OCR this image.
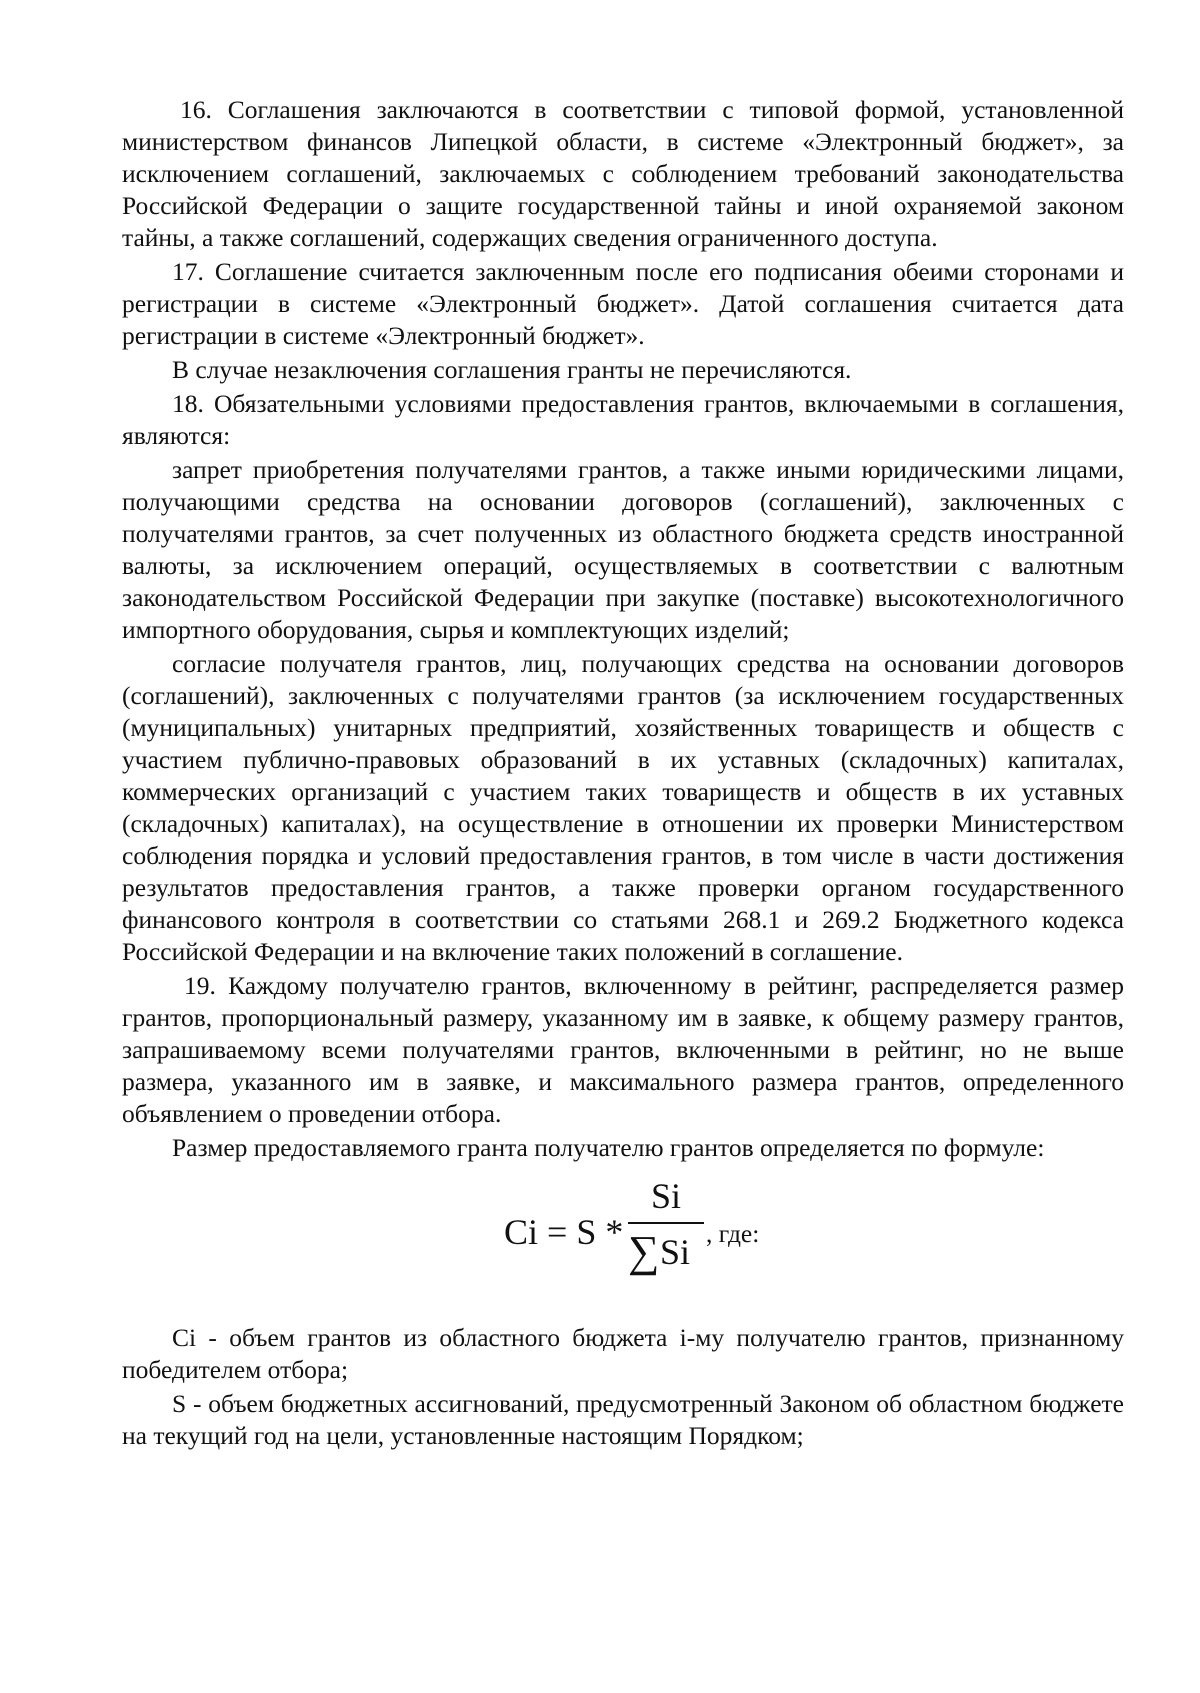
16. Соглашения заключаются в соответствии с типовой формой, установленной министерством финансов Липецкой области, в системе «Электронный бюджет», за исключением соглашений, заключаемых с соблюдением требований законодательства Российской Федерации о защите государственной тайны и иной охраняемой законом тайны, а также соглашений, содержащих сведения ограниченного доступа.

17. Соглашение считается заключенным после его подписания обеими сторонами и регистрации в системе «Электронный бюджет». Датой соглашения считается дата регистрации в системе «Электронный бюджет».

В случае незаключения соглашения гранты не перечисляются.

18. Обязательными условиями предоставления грантов, включаемыми в соглашения, являются:

запрет приобретения получателями грантов, а также иными юридическими лицами, получающими средства на основании договоров (соглашений), заключенных с получателями грантов, за счет полученных из областного бюджета средств иностранной валюты, за исключением операций, осуществляемых в соответствии с валютным законодательством Российской Федерации при закупке (поставке) высокотехнологичного импортного оборудования, сырья и комплектующих изделий;

согласие получателя грантов, лиц, получающих средства на основании договоров (соглашений), заключенных с получателями грантов (за исключением государственных (муниципальных) унитарных предприятий, хозяйственных товариществ и обществ с участием публично-правовых образований в их уставных (складочных) капиталах, коммерческих организаций с участием таких товариществ и обществ в их уставных (складочных) капиталах), на осуществление в отношении их проверки Министерством соблюдения порядка и условий предоставления грантов, в том числе в части достижения результатов предоставления грантов, а также проверки органом государственного финансового контроля в соответствии со статьями 268.1 и 269.2 Бюджетного кодекса Российской Федерации и на включение таких положений в соглашение.

19. Каждому получателю грантов, включенному в рейтинг, распределяется размер грантов, пропорциональный размеру, указанному им в заявке, к общему размеру грантов, запрашиваемому всеми получателями грантов, включенными в рейтинг, но не выше размера, указанного им в заявке, и максимального размера грантов, определенного объявлением о проведении отбора.

Размер предоставляемого гранта получателю грантов определяется по формуле:

Ci = S *
Si
∑ Si , где:

Ci - объем грантов из областного бюджета i-му получателю грантов, признанному победителем отбора;

S - объем бюджетных ассигнований, предусмотренный Законом об областном бюджете на текущий год на цели, установленные настоящим Порядком;
